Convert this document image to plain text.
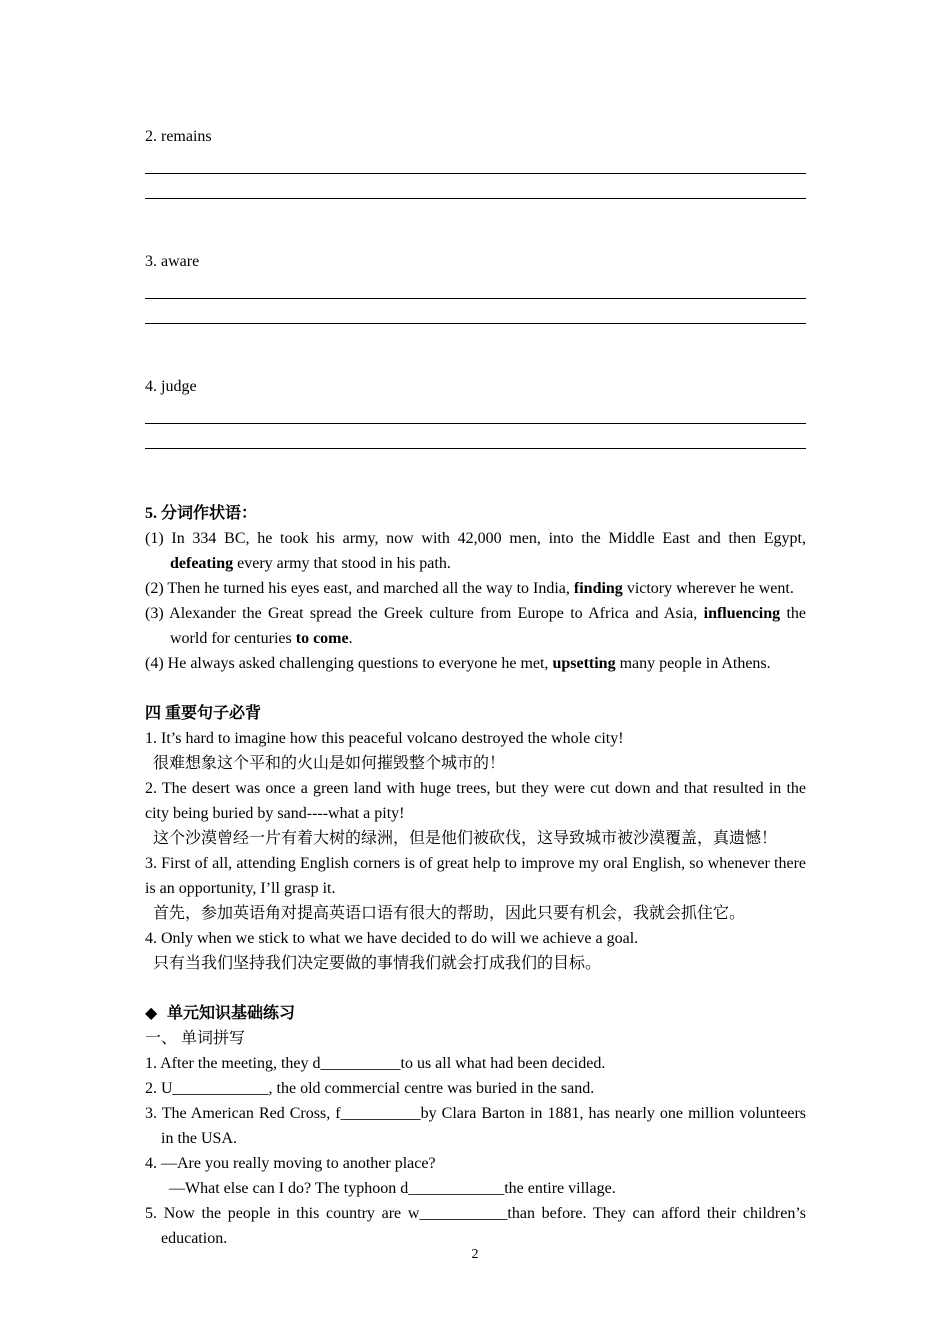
2. remains
3. aware
4. judge
5. 分词作状语：
(1) In 334 BC, he took his army, now with 42,000 men, into the Middle East and then Egypt, defeating every army that stood in his path.
(2) Then he turned his eyes east, and marched all the way to India, finding victory wherever he went.
(3) Alexander the Great spread the Greek culture from Europe to Africa and Asia, influencing the world for centuries to come.
(4) He always asked challenging questions to everyone he met, upsetting many people in Athens.
四 重要句子必背
1. It’s hard to imagine how this peaceful volcano destroyed the whole city!
很难想象这个平和的火山是如何摧毁整个城市的！
2. The desert was once a green land with huge trees, but they were cut down and that resulted in the city being buried by sand----what a pity!
这个沙漠曾经一片有着大树的绿洲，但是他们被砍伐，这导致城市被沙漠覆盖，真遗憾！
3. First of all, attending English corners is of great help to improve my oral English, so whenever there is an opportunity, I’ll grasp it.
首先，参加英语角对提高英语口语有很大的帮助，因此只要有机会，我就会抓住它。
4. Only when we stick to what we have decided to do will we achieve a goal.
只有当我们坚持我们决定要做的事情我们就会打成我们的目标。
◆ 单元知识基础练习
一、 单词拼写
1. After the meeting, they d__________to us all what had been decided.
2. U____________, the old commercial centre was buried in the sand.
3. The American Red Cross, f__________by Clara Barton in 1881, has nearly one million volunteers in the USA.
4. —Are you really moving to another place?
—What else can I do? The typhoon d____________the entire village.
5. Now the people in this country are w___________than before. They can afford their children’s education.
2
